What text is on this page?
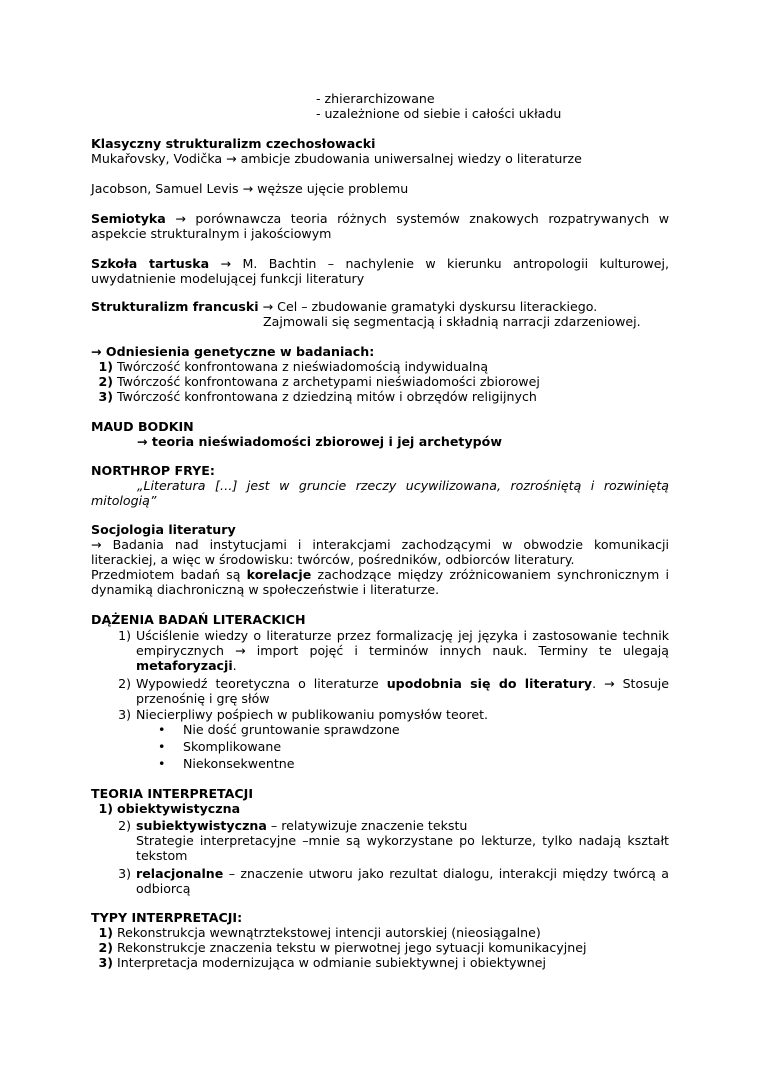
- zhierarchizowane
- uzależnione od siebie i całości układu
Klasyczny strukturalizm czechosłowacki
Mukařovsky, Vodička → ambicje zbudowania uniwersalnej wiedzy o literaturze
Jacobson, Samuel Levis → węższe ujęcie problemu
Semiotyka → porównawcza teoria różnych systemów znakowych rozpatrywanych w
aspekcie strukturalnym i jakościowym
Szkoła tartuska → M. Bachtin – nachylenie w kierunku antropologii kulturowej,
uwydatnienie modelującej funkcji literatury
Strukturalizm francuski → Cel – zbudowanie gramatyki dyskursu literackiego.
Zajmowali się segmentacją i składnią narracji zdarzeniowej.
→ Odniesienia genetyczne w badaniach:
1) Twórczość konfrontowana z nieświadomością indywidualną
2) Twórczość konfrontowana z archetypami nieświadomości zbiorowej
3) Twórczość konfrontowana z dziedziną mitów i obrzędów religijnych
MAUD BODKIN
→ teoria nieświadomości zbiorowej i jej archetypów
NORTHROP FRYE:
„Literatura […] jest w gruncie rzeczy ucywilizowana, rozrośniętą i rozwiniętą
mitologią”
Socjologia literatury
→ Badania nad instytucjami i interakcjami zachodzącymi w obwodzie komunikacji
literackiej, a więc w środowisku: twórców, pośredników, odbiorców literatury.
Przedmiotem badań są korelacje zachodzące między zróżnicowaniem synchronicznym i
dynamiką diachroniczną w społeczeństwie i literaturze.
DĄŻENIA BADAŃ LITERACKICH
1) Uściślenie wiedzy o literaturze przez formalizację jej języka i zastosowanie technik
empirycznych → import pojęć i terminów innych nauk. Terminy te ulegają
metaforyzacji.
2) Wypowiedź teoretyczna o literaturze upodobnia się do literatury. → Stosuje
przenośnię i grę słów
3) Niecierpliwy pośpiech w publikowaniu pomysłów teoret.
• Nie dość gruntowanie sprawdzone
• Skomplikowane
• Niekonsekwentne
TEORIA INTERPRETACJI
1) obiektywistyczna
2) subiektywistyczna – relatywizuje znaczenie tekstu
Strategie interpretacyjne –mnie są wykorzystane po lekturze, tylko nadają kształt
tekstom
3) relacjonalne – znaczenie utworu jako rezultat dialogu, interakcji między twórcą a
odbiorcą
TYPY INTERPRETACJI:
1) Rekonstrukcja wewnątrztekstowej intencji autorskiej (nieosiągalne)
2) Rekonstrukcje znaczenia tekstu w pierwotnej jego sytuacji komunikacyjnej
3) Interpretacja modernizująca w odmianie subiektywnej i obiektywnej
